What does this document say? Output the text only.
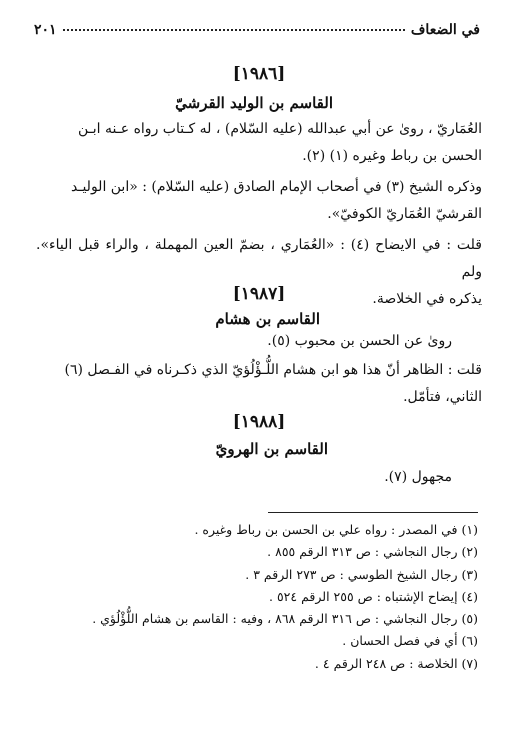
في الضعاف
٢٠١
[١٩٨٦]
القاسم بن الوليد القرشيّ

العُمَاريّ ، روىٰ عن أبي عبدالله (عليه السّلام) ، له كـتاب رواه عـنه ابـن

الحسن بن رباط وغيره (١) (٢).

وذكره الشيخ (٣) في أصحاب الإمام الصادق (عليه السّلام) : «ابن الوليـد

القرشيّ العُمَاريّ الكوفيّ».

قلت : في الايضاح (٤) : «العُمَاري ، بضمّ العين المهملة ، والراء قبل الياء». ولم

يذكره في الخلاصة.

[١٩٨٧]
القاسم بن هشام

روىٰ عن الحسن بن محبوب (٥).

قلت : الظاهر أنّ هذا هو ابن هشام اللُّـؤْلُؤيّ الذي ذكـرناه في الفـصل (٦)

الثاني، فتأمّل.

[١٩٨٨]
القاسم بن الهرويّ

مجهول (٧).

(١) في المصدر : رواه علي بن الحسن بن رباط وغيره .
(٢) رجال النجاشي : ص ٣١٣ الرقم ٨٥٥ .
(٣) رجال الشيخ الطوسي : ص ٢٧٣ الرقم ٣ .
(٤) إيضاح الإشتباه : ص ٢٥٥ الرقم ٥٢٤ .
(٥) رجال النجاشي : ص ٣١٦ الرقم ٨٦٨ ، وفيه : القاسم بن هشام اللُّؤْلُؤي .
(٦) أي في فصل الحسان .
(٧) الخلاصة : ص ٢٤٨ الرقم ٤ .
